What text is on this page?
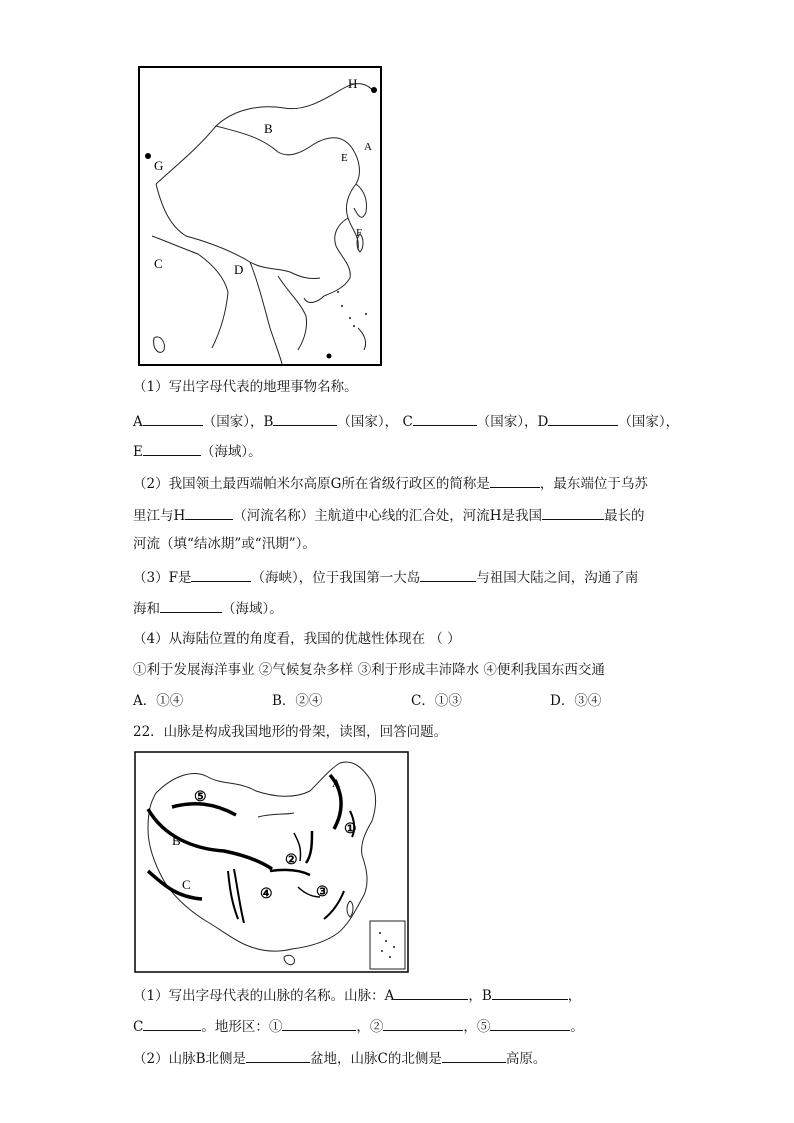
H
B
G	E
A
F
C	D
（1）写出字母代表的地理事物名称。
A	（国家），B	（国家）， C	（国家），D	（国家），
E	（海域）。
（2）我国领土最西端帕米尔高原G所在省级行政区的简称是	，最东端位于乌苏
里江与H	（河流名称）主航道中心线的汇合处，河流H是我国	最长的
河流（填“结冰期”或“汛期”）。
（3）F是	（海峡），位于我国第一大岛	与祖国大陆之间，沟通了南
海和	（海域）。
（4）从海陆位置的角度看，我国的优越性体现在 （ ）
①利于发展海洋事业 ②气候复杂多样 ③利于形成丰沛降水 ④便利我国东西交通
A．①④	B．②④	C．①③	D．③④
22．山脉是构成我国地形的骨架，读图，回答问题。
⑤
①
②
③
④
B
C
A
（1）写出字母代表的山脉的名称。山脉：A	，B	，
C	。地形区：①	，②	，⑤	。
（2）山脉B北侧是	盆地，山脉C的北侧是	高原。
